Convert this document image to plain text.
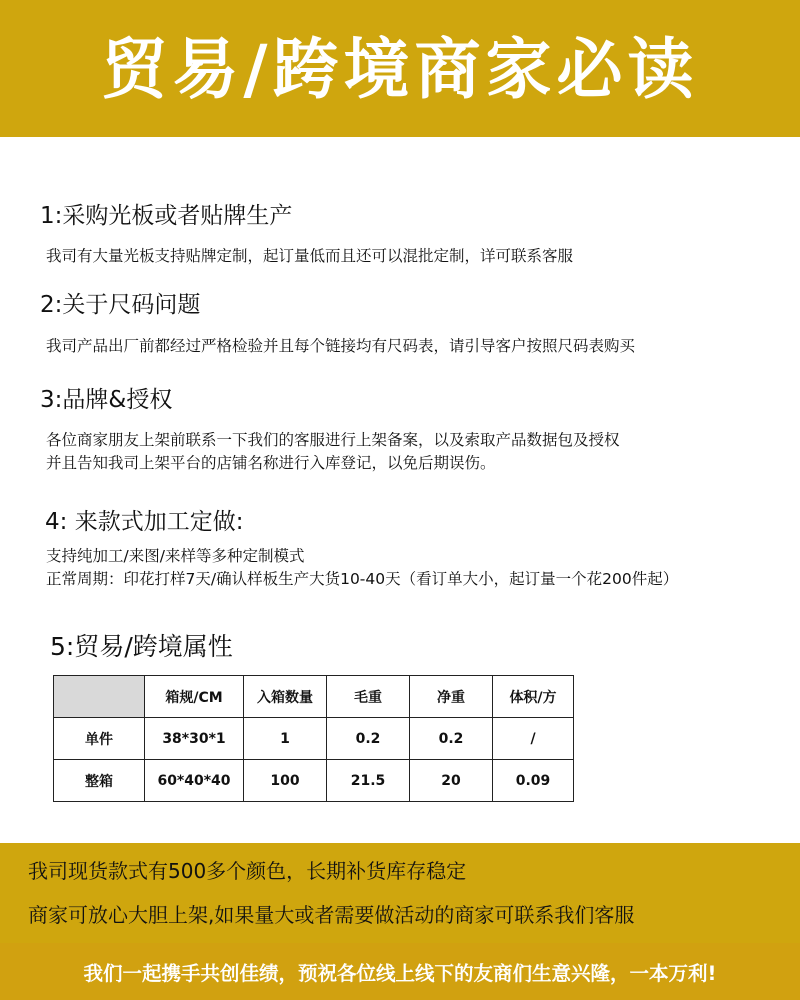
贸易/跨境商家必读
1:采购光板或者贴牌生产
我司有大量光板支持贴牌定制，起订量低而且还可以混批定制，详可联系客服
2:关于尺码问题
我司产品出厂前都经过严格检验并且每个链接均有尺码表，请引导客户按照尺码表购买
3:品牌&授权
各位商家朋友上架前联系一下我们的客服进行上架备案，以及索取产品数据包及授权
并且告知我司上架平台的店铺名称进行入库登记，以免后期误伤。
4: 来款式加工定做:
支持纯加工/来图/来样等多种定制模式
正常周期：印花打样7天/确认样板生产大货10-40天（看订单大小，起订量一个花200件起）
5:贸易/跨境属性
	箱规/CM	入箱数量	毛重	净重	体积/方
单件	38*30*1	1	0.2	0.2	/
整箱	60*40*40	100	21.5	20	0.09
我司现货款式有500多个颜色，长期补货库存稳定
商家可放心大胆上架,如果量大或者需要做活动的商家可联系我们客服
我们一起携手共创佳绩，预祝各位线上线下的友商们生意兴隆，一本万利!
